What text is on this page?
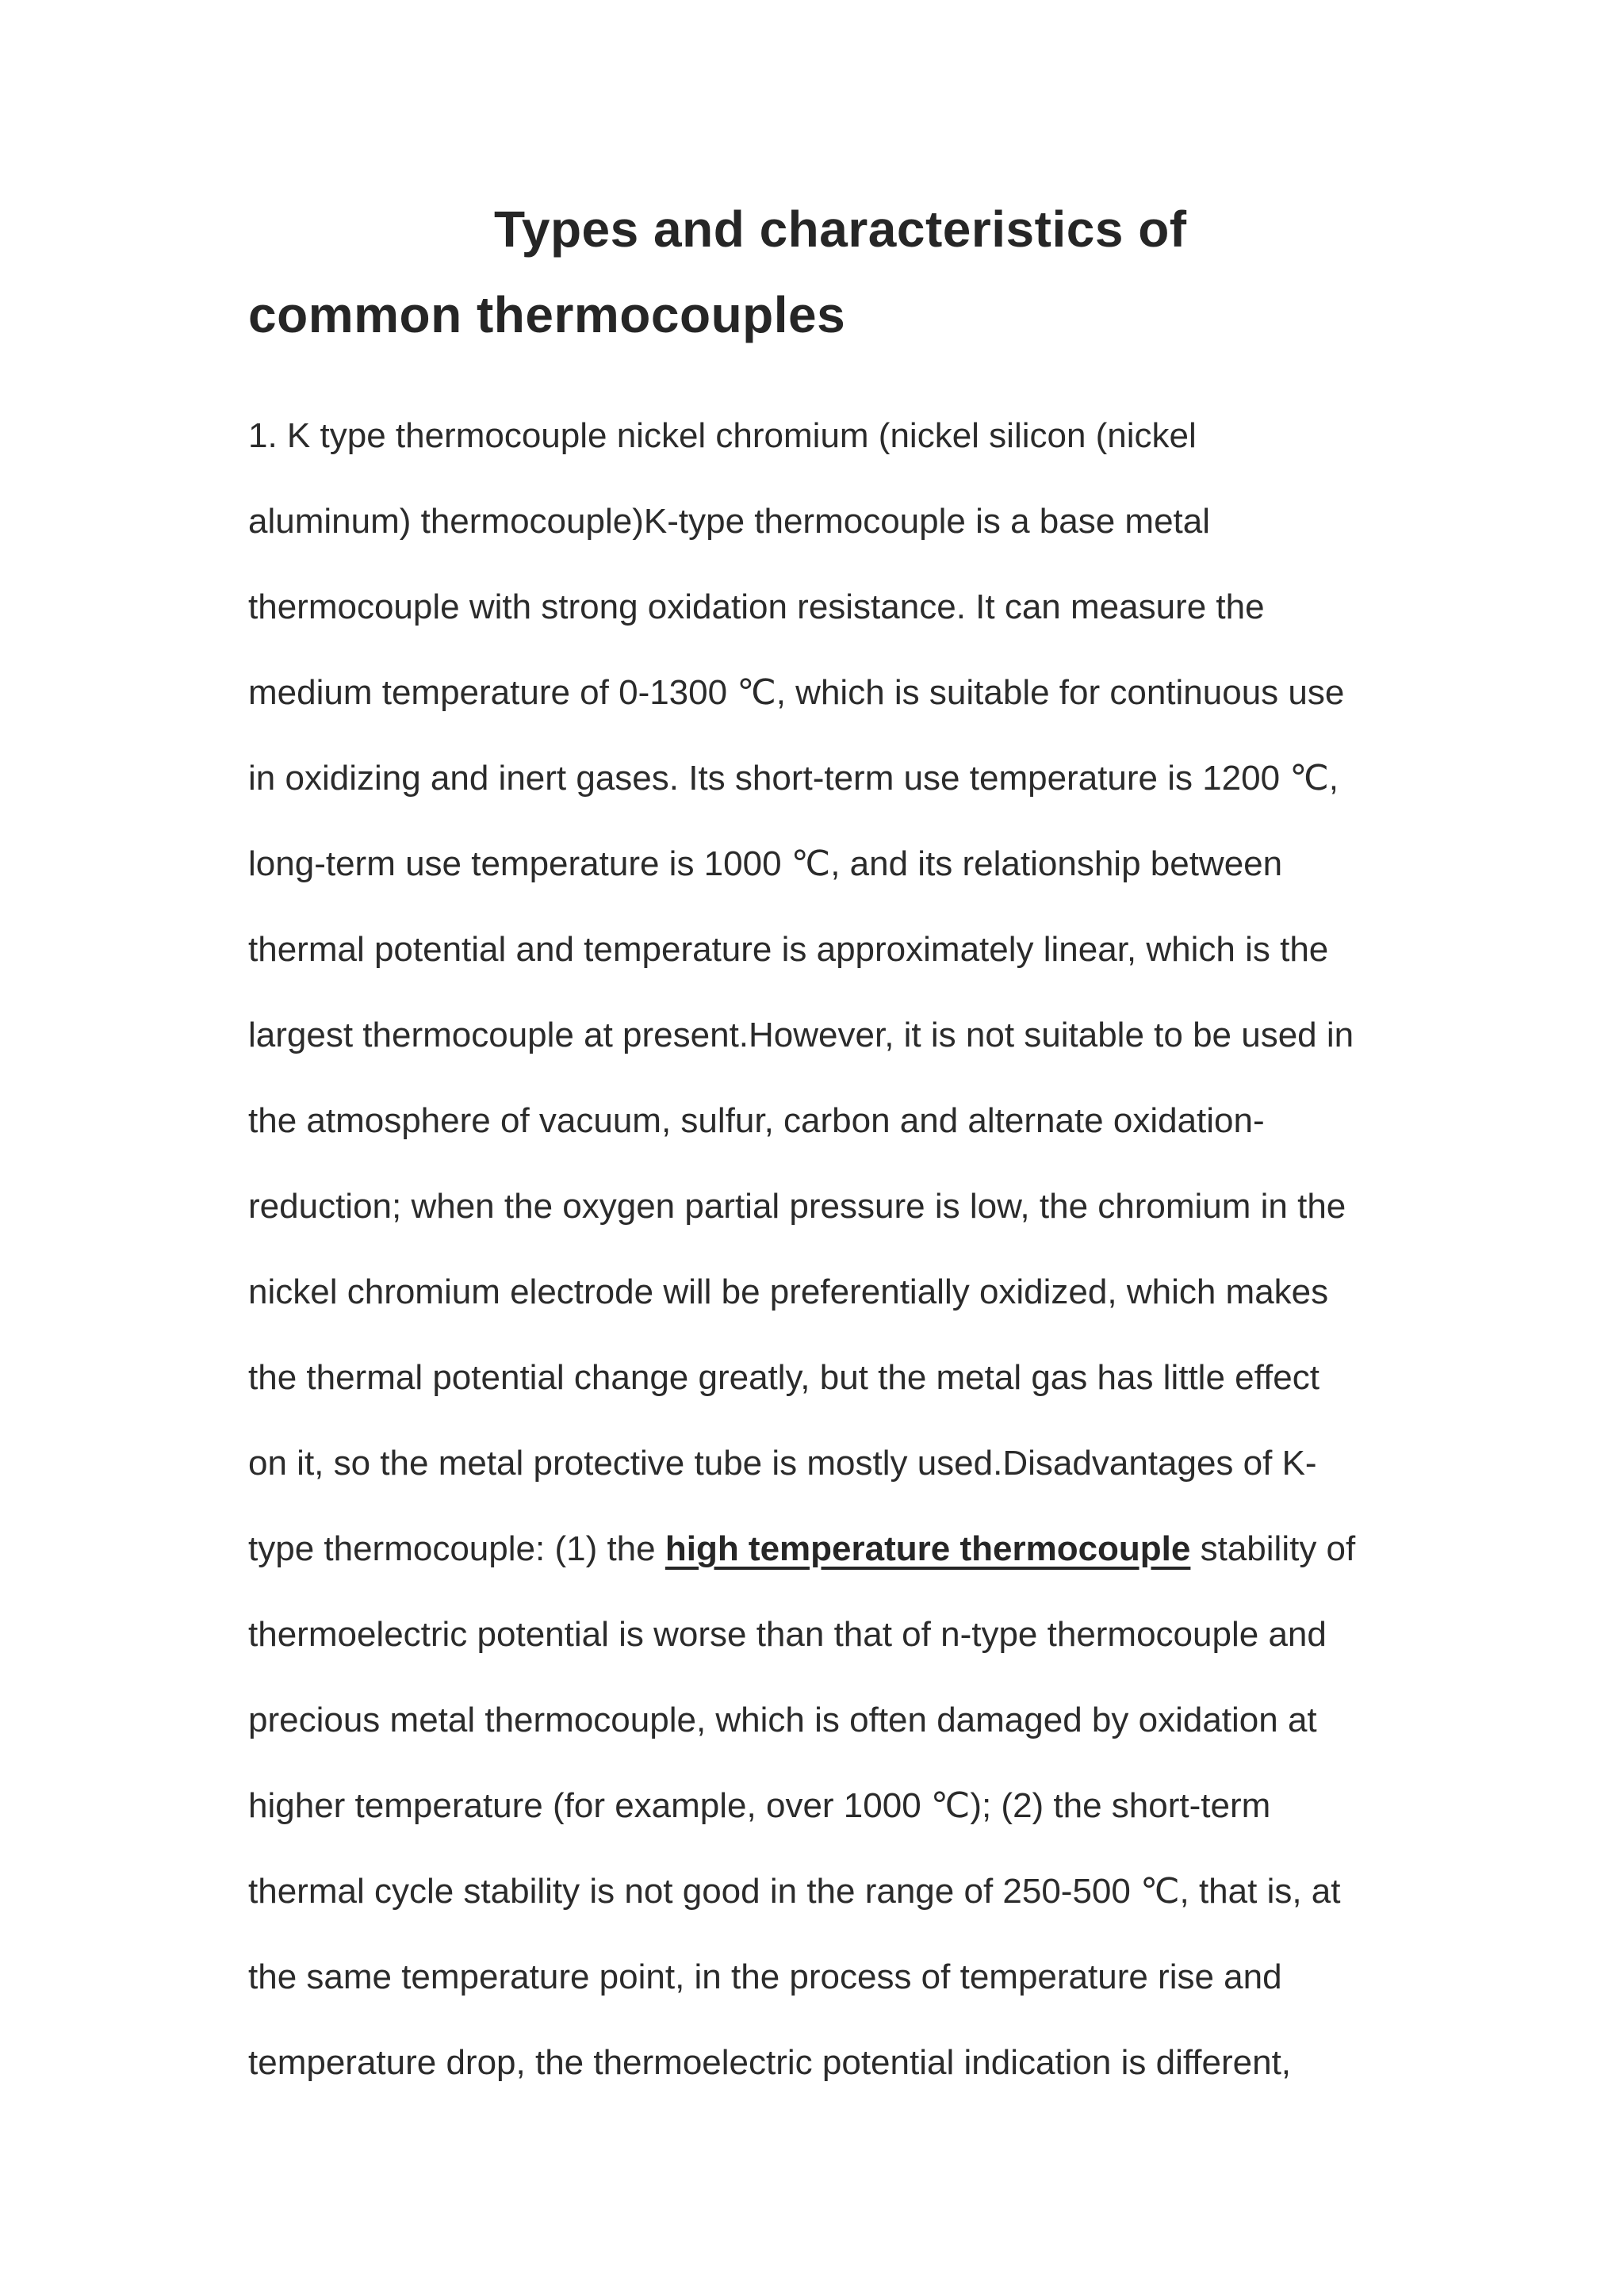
Types and characteristics of
common thermocouples
1. K type thermocouple nickel chromium (nickel silicon (nickel
aluminum) thermocouple)K-type thermocouple is a base metal
thermocouple with strong oxidation resistance. It can measure the
medium temperature of 0-1300 ℃, which is suitable for continuous use
in oxidizing and inert gases. Its short-term use temperature is 1200 ℃,
long-term use temperature is 1000 ℃, and its relationship between
thermal potential and temperature is approximately linear, which is the
largest thermocouple at present.However, it is not suitable to be used in
the atmosphere of vacuum, sulfur, carbon and alternate oxidation-
reduction; when the oxygen partial pressure is low, the chromium in the
nickel chromium electrode will be preferentially oxidized, which makes
the thermal potential change greatly, but the metal gas has little effect
on it, so the metal protective tube is mostly used.Disadvantages of K-
type thermocouple: (1) the high temperature thermocouple stability of
thermoelectric potential is worse than that of n-type thermocouple and
precious metal thermocouple, which is often damaged by oxidation at
higher temperature (for example, over 1000 ℃); (2) the short-term
thermal cycle stability is not good in the range of 250-500 ℃, that is, at
the same temperature point, in the process of temperature rise and
temperature drop, the thermoelectric potential indication is different,
